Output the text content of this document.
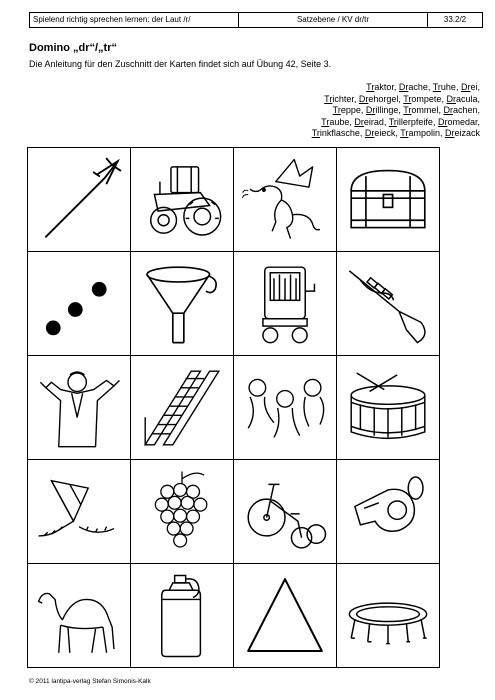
Spielend richtig sprechen lernen: der Laut /r/	Satzebene / KV dr/tr	33.2/2
Domino „dr“/„tr“
Die Anleitung für den Zuschnitt der Karten findet sich auf Übung 42, Seite 3.
Traktor, Drache, Truhe, Drei,
Trichter, Drehorgel, Trompete, Dracula,
Treppe, Drillinge, Trommel, Drachen,
Traube, Dreirad, Trillerpfeife, Dromedar,
Trinkflasche, Dreieck, Trampolin, Dreizack
© 2011 lantipa-verlag Stefan Simonis-Kalk
